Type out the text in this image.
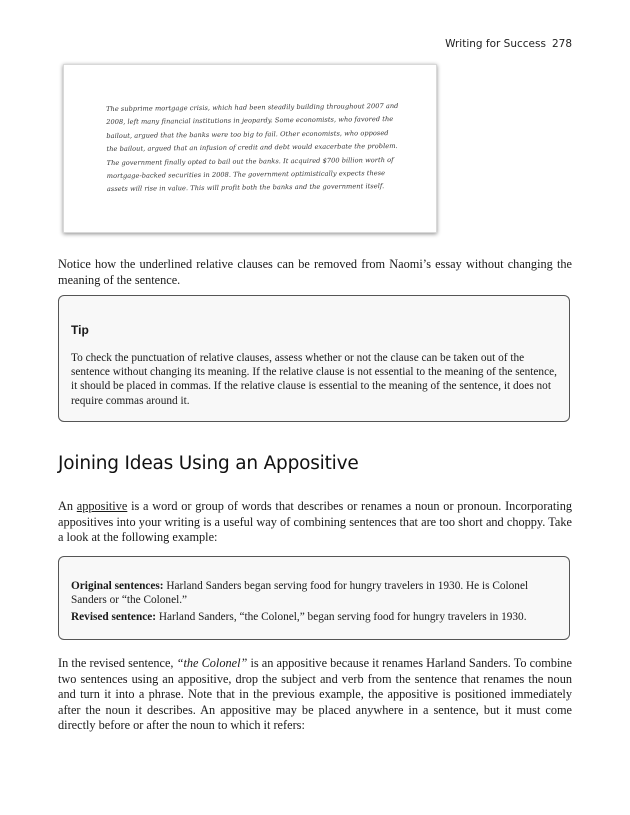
Writing for Success 278
The subprime mortgage crisis, which had been steadily building throughout 2007 and 2008, left many financial institutions in jeopardy. Some economists, who favored the bailout, argued that the banks were too big to fail. Other economists, who opposed the bailout, argued that an infusion of credit and debt would exacerbate the problem. The government finally opted to bail out the banks. It acquired $700 billion worth of mortgage-backed securities in 2008. The government optimistically expects these assets will rise in value. This will profit both the banks and the government itself.

Notice how the underlined relative clauses can be removed from Naomi’s essay without changing the meaning of the sentence.

Tip

To check the punctuation of relative clauses, assess whether or not the clause can be taken out of the sentence without changing its meaning. If the relative clause is not essential to the meaning of the sentence, it should be placed in commas. If the relative clause is essential to the meaning of the sentence, it does not require commas around it.

Joining Ideas Using an Appositive

An appositive is a word or group of words that describes or renames a noun or pronoun. Incorporating appositives into your writing is a useful way of combining sentences that are too short and choppy. Take a look at the following example:

Original sentences: Harland Sanders began serving food for hungry travelers in 1930. He is Colonel Sanders or “the Colonel.”

Revised sentence: Harland Sanders, “the Colonel,” began serving food for hungry travelers in 1930.

In the revised sentence, “the Colonel” is an appositive because it renames Harland Sanders. To combine two sentences using an appositive, drop the subject and verb from the sentence that renames the noun and turn it into a phrase. Note that in the previous example, the appositive is positioned immediately after the noun it describes. An appositive may be placed anywhere in a sentence, but it must come directly before or after the noun to which it refers:
